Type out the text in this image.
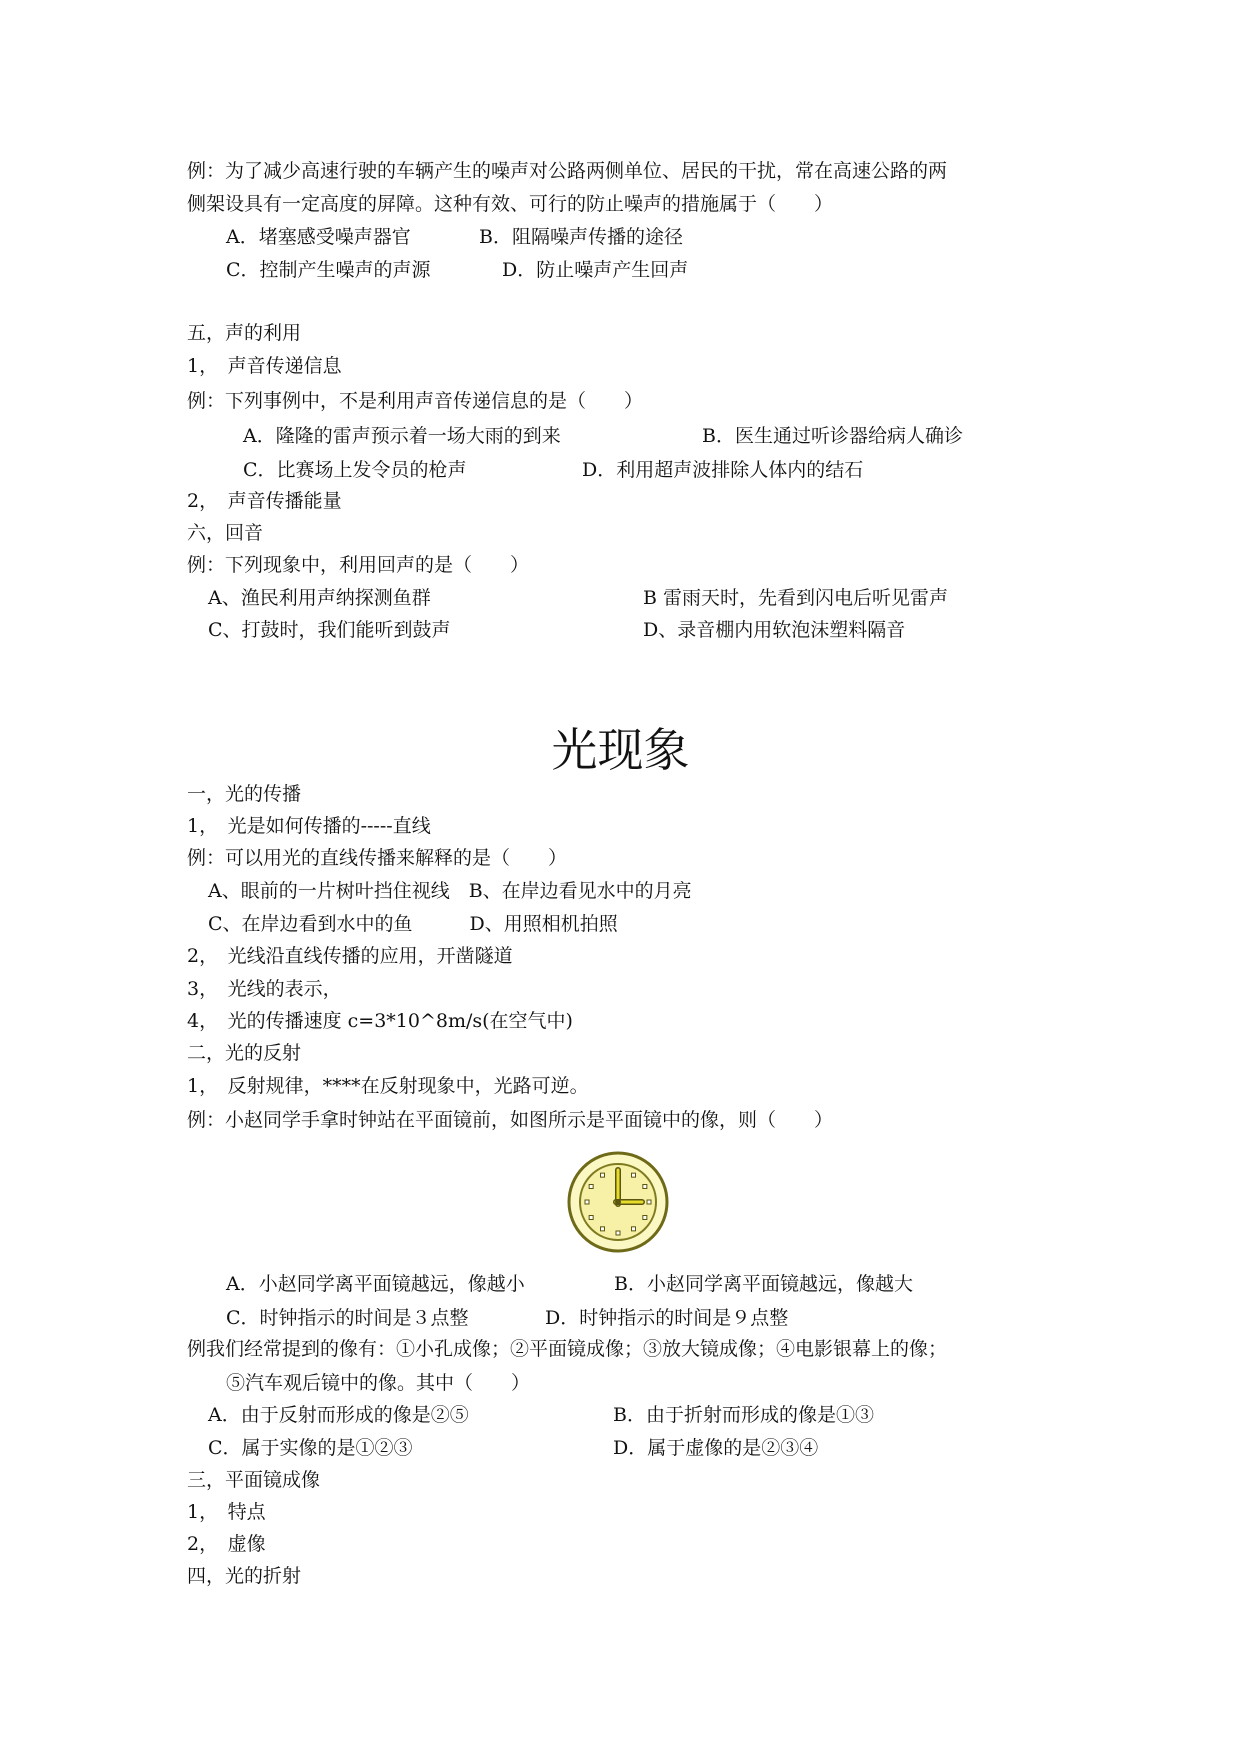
例：为了减少高速行驶的车辆产生的噪声对公路两侧单位、居民的干扰，常在高速公路的两
侧架设具有一定高度的屏障。这种有效、可行的防止噪声的措施属于（　　）
A．堵塞感受噪声器官	B．阻隔噪声传播的途径
C．控制产生噪声的声源	D．防止噪声产生回声
五，声的利用
1，　声音传递信息
例：下列事例中，不是利用声音传递信息的是（　　）
A．隆隆的雷声预示着一场大雨的到来	B．医生通过听诊器给病人确诊
C．比赛场上发令员的枪声	D．利用超声波排除人体内的结石
2，　声音传播能量
六，回音
例：下列现象中，利用回声的是（　　）
A、渔民利用声纳探测鱼群	B 雷雨天时，先看到闪电后听见雷声
C、打鼓时，我们能听到鼓声	D、录音棚内用软泡沫塑料隔音
光现象
一，光的传播
1，　光是如何传播的-----直线
例：可以用光的直线传播来解释的是（　　）
A、眼前的一片树叶挡住视线　B、在岸边看见水中的月亮
C、在岸边看到水中的鱼　　　D、用照相机拍照
2，　光线沿直线传播的应用，开凿隧道
3，　光线的表示，
4，　光的传播速度 c=3*10^8m/s(在空气中)
二，光的反射
1，　反射规律，****在反射现象中，光路可逆。
例：小赵同学手拿时钟站在平面镜前，如图所示是平面镜中的像，则（　　）
A．小赵同学离平面镜越远，像越小	B．小赵同学离平面镜越远，像越大
C．时钟指示的时间是３点整	D．时钟指示的时间是９点整
例我们经常提到的像有：①小孔成像；②平面镜成像；③放大镜成像；④电影银幕上的像；
⑤汽车观后镜中的像。其中（　　）
A．由于反射而形成的像是②⑤	B．由于折射而形成的像是①③
C．属于实像的是①②③	D．属于虚像的是②③④
三，平面镜成像
1，　特点
2，　虚像
四，光的折射
